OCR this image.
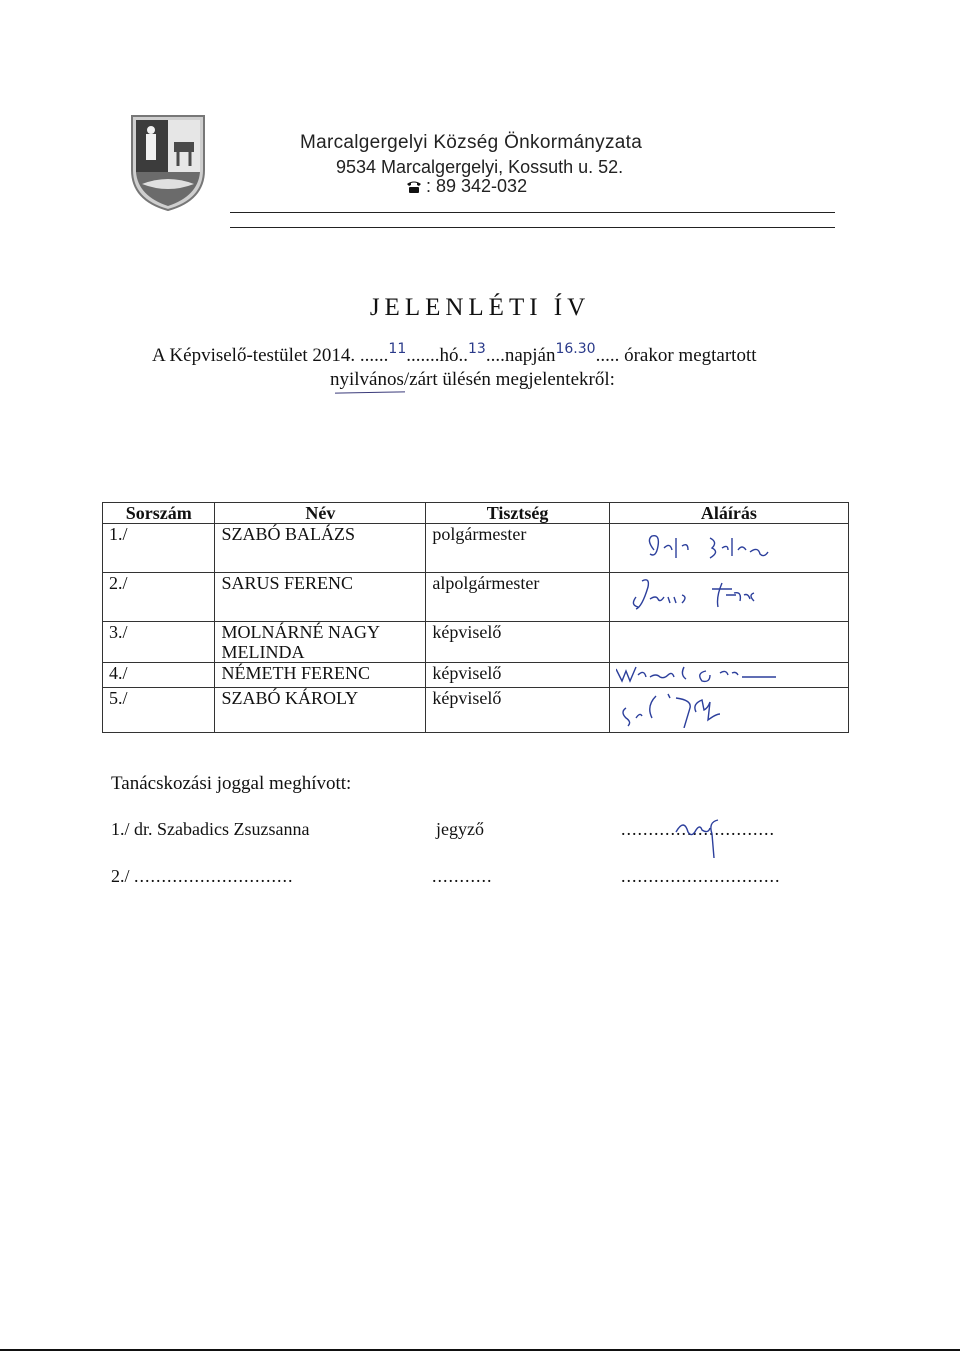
Marcalgergelyi Község Önkormányzata
9534 Marcalgergelyi, Kossuth u. 52.
: 89 342-032
JELENLÉTI ÍV
A Képviselő-testület 2014. ......$^{11}$.......hó..$^{13}$....napján$^{16.30}$..... órakor megtartott
nyilvános/zárt ülésén megjelentekről:
Sorszám	Név	Tisztség	Aláírás
1./	SZABÓ BALÁZS	polgármester	
2./	SARUS FERENC	alpolgármester	
3./	MOLNÁRNÉ NAGY MELINDA	képviselő	
4./	NÉMETH FERENC	képviselő	
5./	SZABÓ KÁROLY	képviselő	
Tanácskozási joggal meghívott:
1./ dr. Szabadics Zsuzsanna	jegyző	............................
2./ .............................	...........	.............................
